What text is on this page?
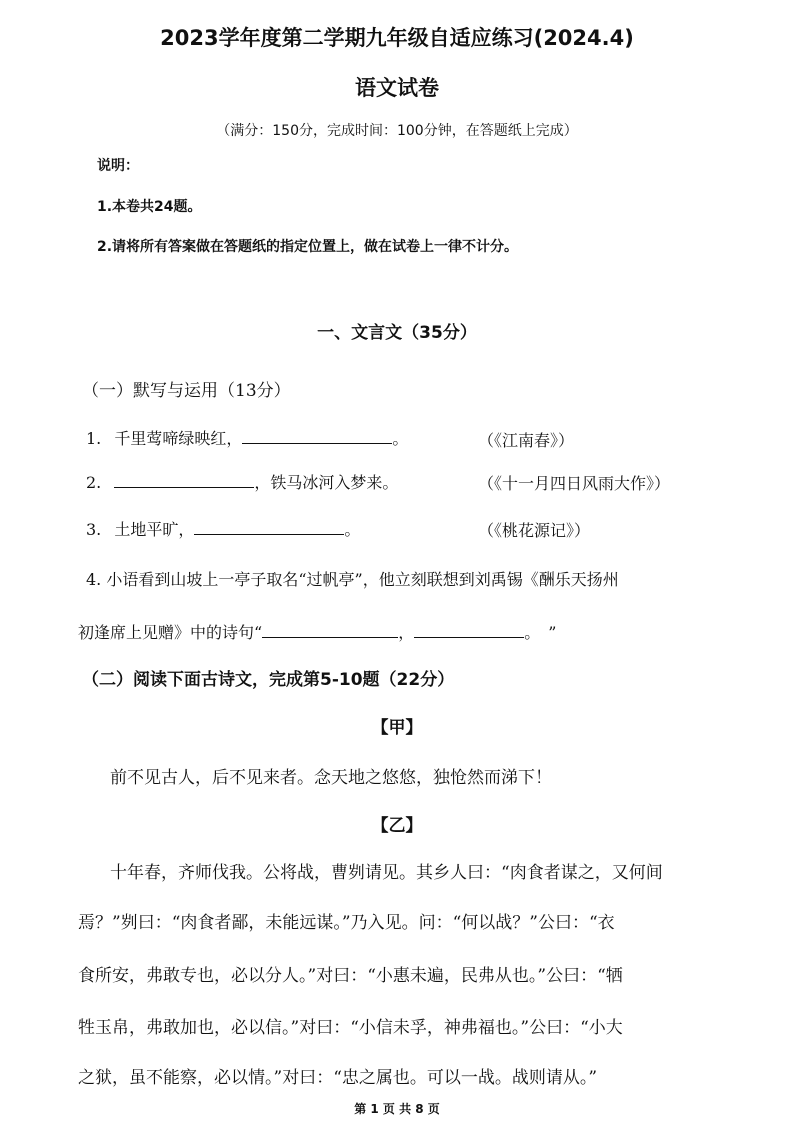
2023学年度第二学期九年级自适应练习(2024.4)
语文试卷
（满分：150分，完成时间：100分钟，在答题纸上完成）
说明：
1.本卷共24题。
2.请将所有答案做在答题纸的指定位置上，做在试卷上一律不计分。
一、文言文（35分）
（一）默写与运用（13分）
1. 千里莺啼绿映红，	。	（《江南春》）
2.	，铁马冰河入梦来。	（《十一月四日风雨大作》）
3. 土地平旷，	。	（《桃花源记》）
4. 小语看到山坡上一亭子取名“过帆亭”，他立刻联想到刘禹锡《酬乐天扬州
初逢席上见赠》中的诗句“	，	。　”
（二）阅读下面古诗文，完成第5-10题（22分）
【甲】
前不见古人，后不见来者。念天地之悠悠，独怆然而涕下！
【乙】
十年春，齐师伐我。公将战，曹刿请见。其乡人曰：“肉食者谋之，又何间
焉？”刿曰：“肉食者鄙，未能远谋。”乃入见。问：“何以战？”公曰：“衣
食所安，弗敢专也，必以分人。”对曰：“小惠未遍，民弗从也。”公曰：“牺
牲玉帛，弗敢加也，必以信。”对曰：“小信未孚，神弗福也。”公曰：“小大
之狱，虽不能察，必以情。”对曰：“忠之属也。可以一战。战则请从。”
第 1 页 共 8 页
